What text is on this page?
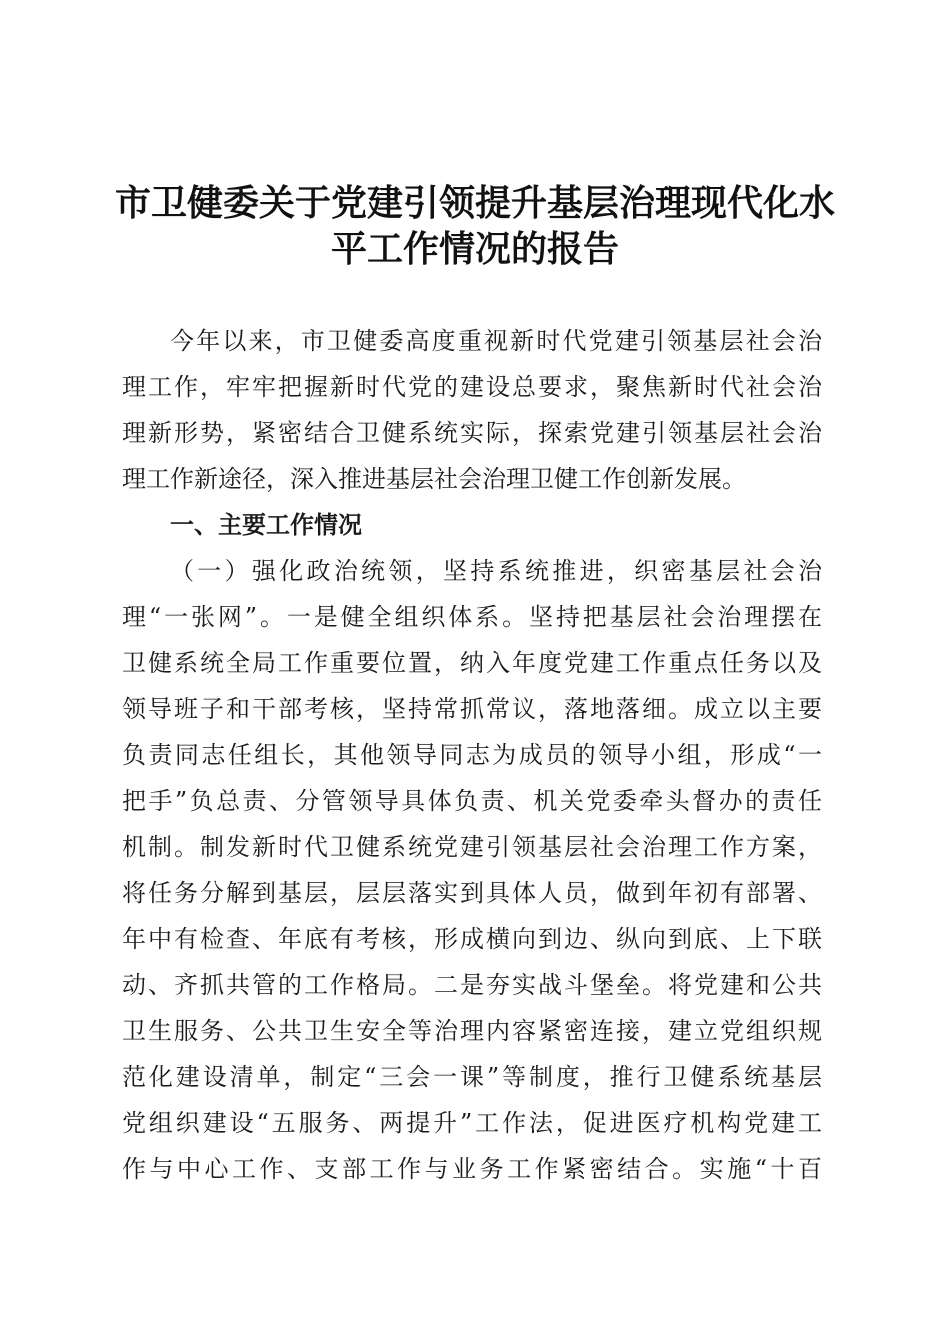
市卫健委关于党建引领提升基层治理现代化水
平工作情况的报告
今年以来，市卫健委高度重视新时代党建引领基层社会治
理工作，牢牢把握新时代党的建设总要求，聚焦新时代社会治
理新形势，紧密结合卫健系统实际，探索党建引领基层社会治
理工作新途径，深入推进基层社会治理卫健工作创新发展。
一、主要工作情况
（一）强化政治统领，坚持系统推进，织密基层社会治
理“一张网”。一是健全组织体系。坚持把基层社会治理摆在
卫健系统全局工作重要位置，纳入年度党建工作重点任务以及
领导班子和干部考核，坚持常抓常议，落地落细。成立以主要
负责同志任组长，其他领导同志为成员的领导小组，形成“一
把手”负总责、分管领导具体负责、机关党委牵头督办的责任
机制。制发新时代卫健系统党建引领基层社会治理工作方案，
将任务分解到基层，层层落实到具体人员，做到年初有部署、
年中有检查、年底有考核，形成横向到边、纵向到底、上下联
动、齐抓共管的工作格局。二是夯实战斗堡垒。将党建和公共
卫生服务、公共卫生安全等治理内容紧密连接，建立党组织规
范化建设清单，制定“三会一课”等制度，推行卫健系统基层
党组织建设“五服务、两提升”工作法，促进医疗机构党建工
作与中心工作、支部工作与业务工作紧密结合。实施“十百
